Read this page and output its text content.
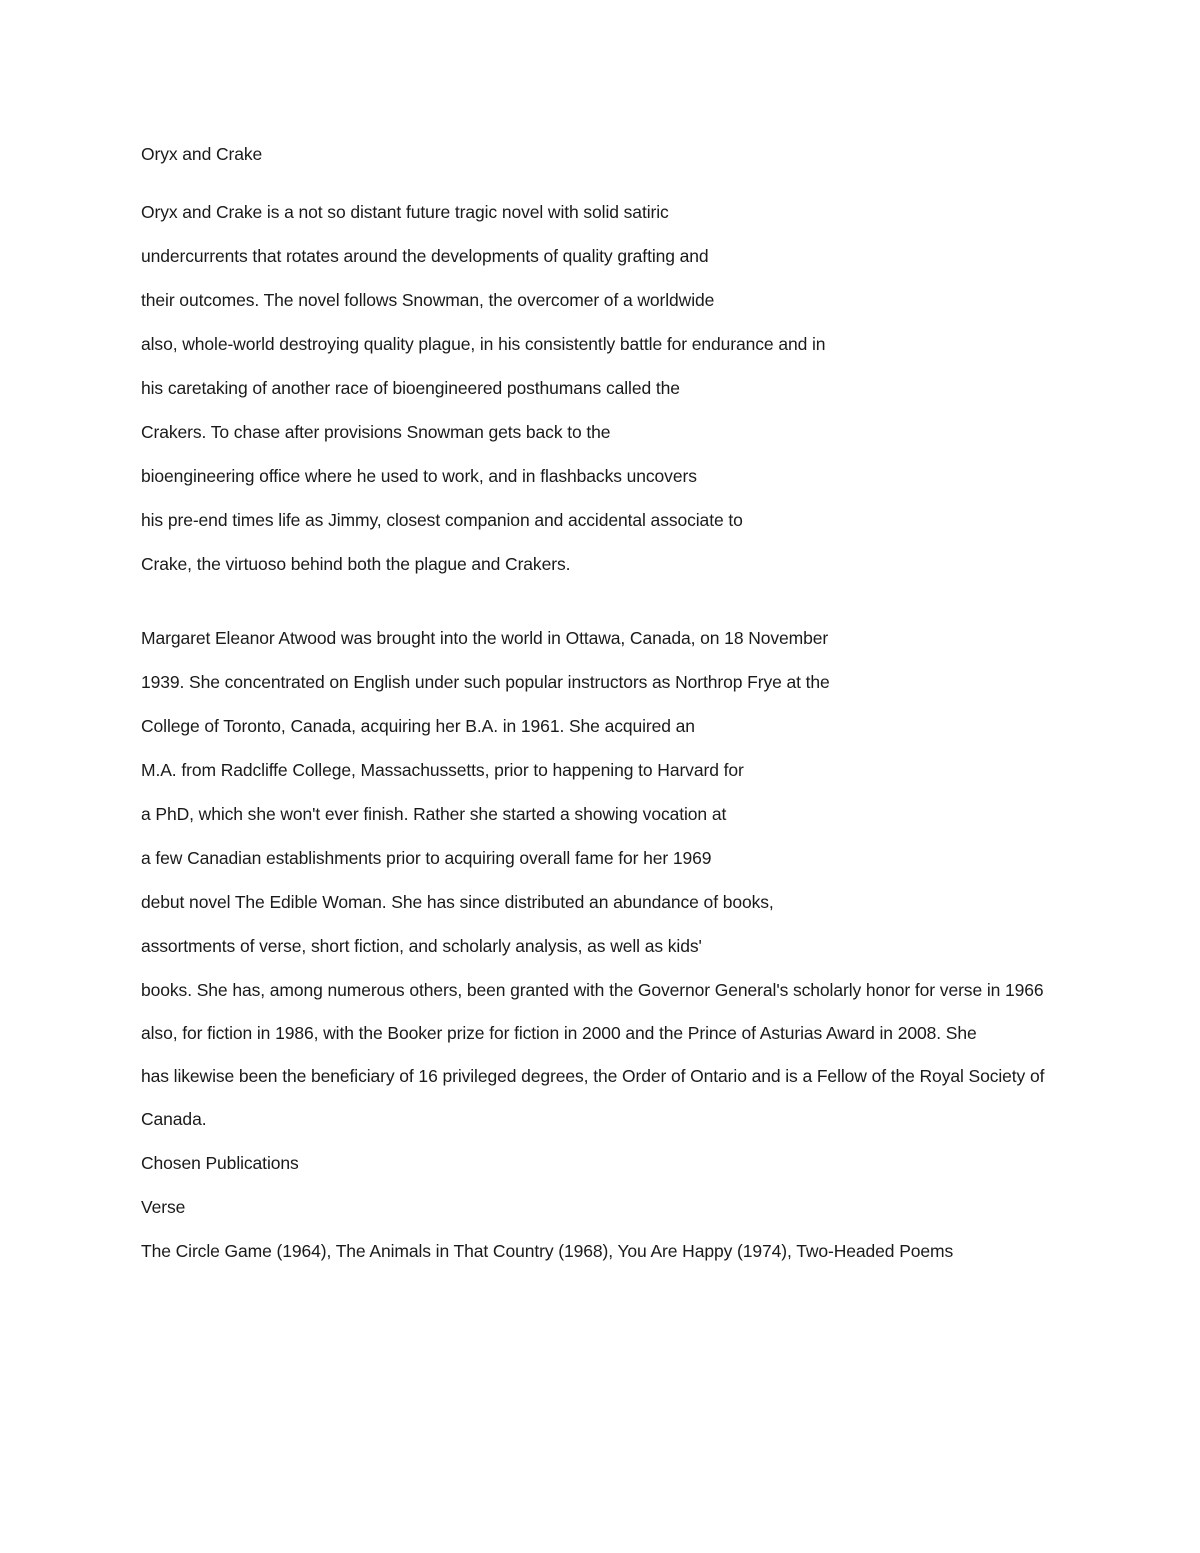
Oryx and Crake

Oryx and Crake is a not so distant future tragic novel with solid satiric

undercurrents that rotates around the developments of quality grafting and

their outcomes. The novel follows Snowman, the overcomer of a worldwide

also, whole-world destroying quality plague, in his consistently battle for endurance and in

his caretaking of another race of bioengineered posthumans called the

Crakers. To chase after provisions Snowman gets back to the

bioengineering office where he used to work, and in flashbacks uncovers

his pre-end times life as Jimmy, closest companion and accidental associate to

Crake, the virtuoso behind both the plague and Crakers.

Margaret Eleanor Atwood was brought into the world in Ottawa, Canada, on 18 November

1939. She concentrated on English under such popular instructors as Northrop Frye at the

College of Toronto, Canada, acquiring her B.A. in 1961. She acquired an

M.A. from Radcliffe College, Massachussetts, prior to happening to Harvard for

a PhD, which she won't ever finish. Rather she started a showing vocation at

a few Canadian establishments prior to acquiring overall fame for her 1969

debut novel The Edible Woman. She has since distributed an abundance of books,

assortments of verse, short fiction, and scholarly analysis, as well as kids'

books. She has, among numerous others, been granted with the Governor General's scholarly honor for verse in 1966

also, for fiction in 1986, with the Booker prize for fiction in 2000 and the Prince of Asturias Award in 2008. She

has likewise been the beneficiary of 16 privileged degrees, the Order of Ontario and is a Fellow of the Royal Society of

Canada.

Chosen Publications

Verse

The Circle Game (1964), The Animals in That Country (1968), You Are Happy (1974), Two-Headed Poems
